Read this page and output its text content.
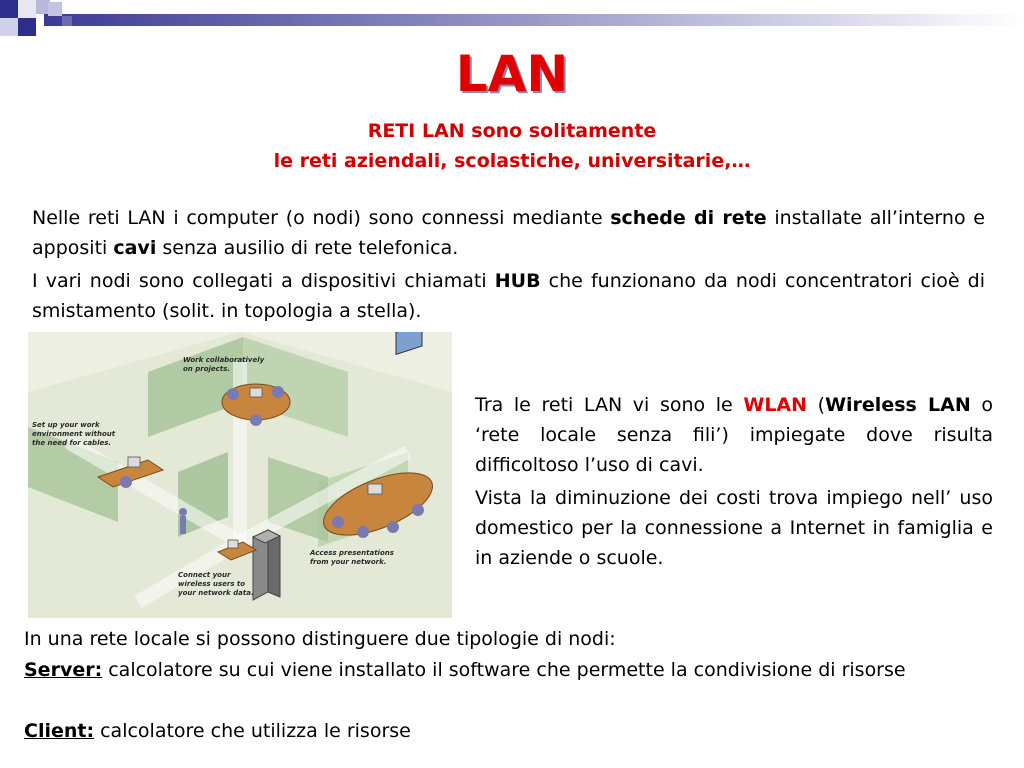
LAN
RETI LAN sono solitamente
le reti aziendali, scolastiche, universitarie,…
Nelle reti LAN i computer (o nodi) sono connessi mediante schede di rete installate all’interno e appositi cavi senza ausilio di rete telefonica.
I vari nodi sono collegati a dispositivi chiamati HUB che funzionano da nodi concentratori cioè di smistamento (solit. in topologia a stella).
Work collaboratively
on projects.
Set up your work
environment without
the need for cables.
Connect your
wireless users to
your network data.
Access presentations
from your network.
Tra le reti LAN vi sono le WLAN (Wireless LAN o ‘rete locale senza fili’) impiegate dove risulta difficoltoso l’uso di cavi.
Vista la diminuzione dei costi trova impiego nell’ uso domestico per la connessione a Internet in famiglia e in aziende o scuole.
In una rete locale si possono distinguere due tipologie di nodi:
Server: calcolatore su cui viene installato il software che permette la condivisione di risorse
Client: calcolatore che utilizza le risorse
